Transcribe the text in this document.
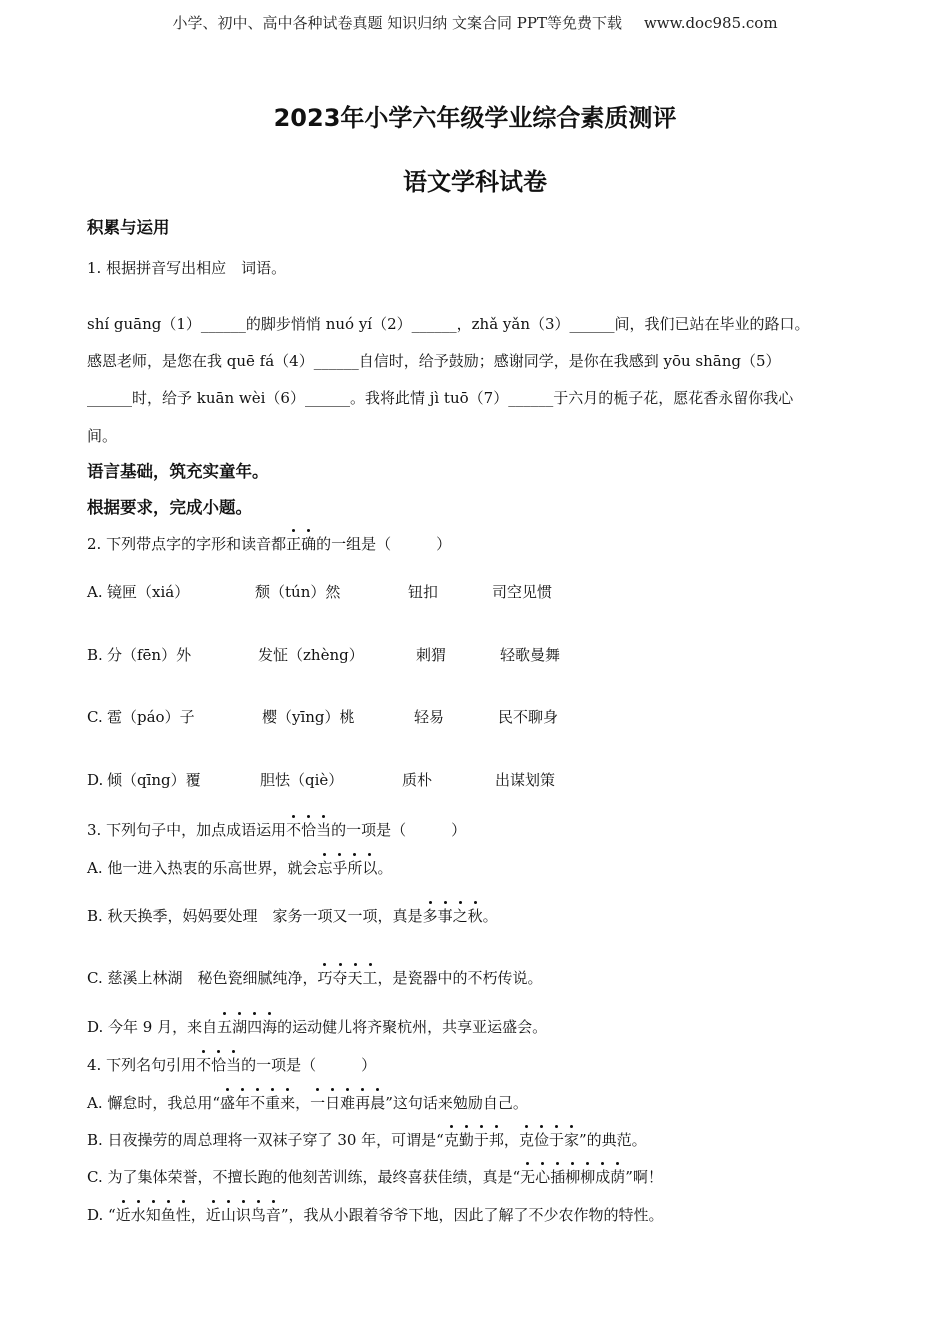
小学、初中、高中各种试卷真题 知识归纳 文案合同 PPT等免费下载 www.doc985.com
2023年小学六年级学业综合素质测评
语文学科试卷
积累与运用
1. 根据拼音写出相应　词语。
shí guāng（1）______的脚步悄悄 nuó yí（2）______，zhǎ yǎn（3）______间，我们已站在毕业的路口。
感恩老师，是您在我 quē fá（4）______自信时，给予鼓励；感谢同学，是你在我感到 yōu shāng（5）
______时，给予 kuān wèi（6）______。我将此情 jì tuō（7）______于六月的栀子花，愿花香永留你我心
间。
语言基础，筑充实童年。
根据要求，完成小题。
2. 下列带点字的字形和读音都正确的一组是（　　　）
A. 镜匣（xiá）	颓（tún）然	钮扣	司空见惯
B. 分（fēn）外	发怔（zhèng）	刺猬	轻歌曼舞
C. 雹（páo）子	樱（yīng）桃	轻易	民不聊身
D. 倾（qīng）覆	胆怯（qiè）	质朴	出谋划策
3. 下列句子中，加点成语运用不恰当的一项是（　　　）
A. 他一进入热衷的乐高世界，就会忘乎所以。
B. 秋天换季，妈妈要处理　家务一项又一项，真是多事之秋。
C. 慈溪上林湖　秘色瓷细腻纯净，巧夺天工，是瓷器中的不朽传说。
D. 今年 9 月，来自五湖四海的运动健儿将齐聚杭州，共享亚运盛会。
4. 下列名句引用不恰当的一项是（　　　）
A. 懈怠时，我总用“盛年不重来，一日难再晨”这句话来勉励自己。
B. 日夜操劳的周总理将一双袜子穿了 30 年，可谓是“克勤于邦，克俭于家”的典范。
C. 为了集体荣誉，不擅长跑的他刻苦训练，最终喜获佳绩，真是“无心插柳柳成荫”啊！
D. “近水知鱼性，近山识鸟音”，我从小跟着爷爷下地，因此了解了不少农作物的特性。
